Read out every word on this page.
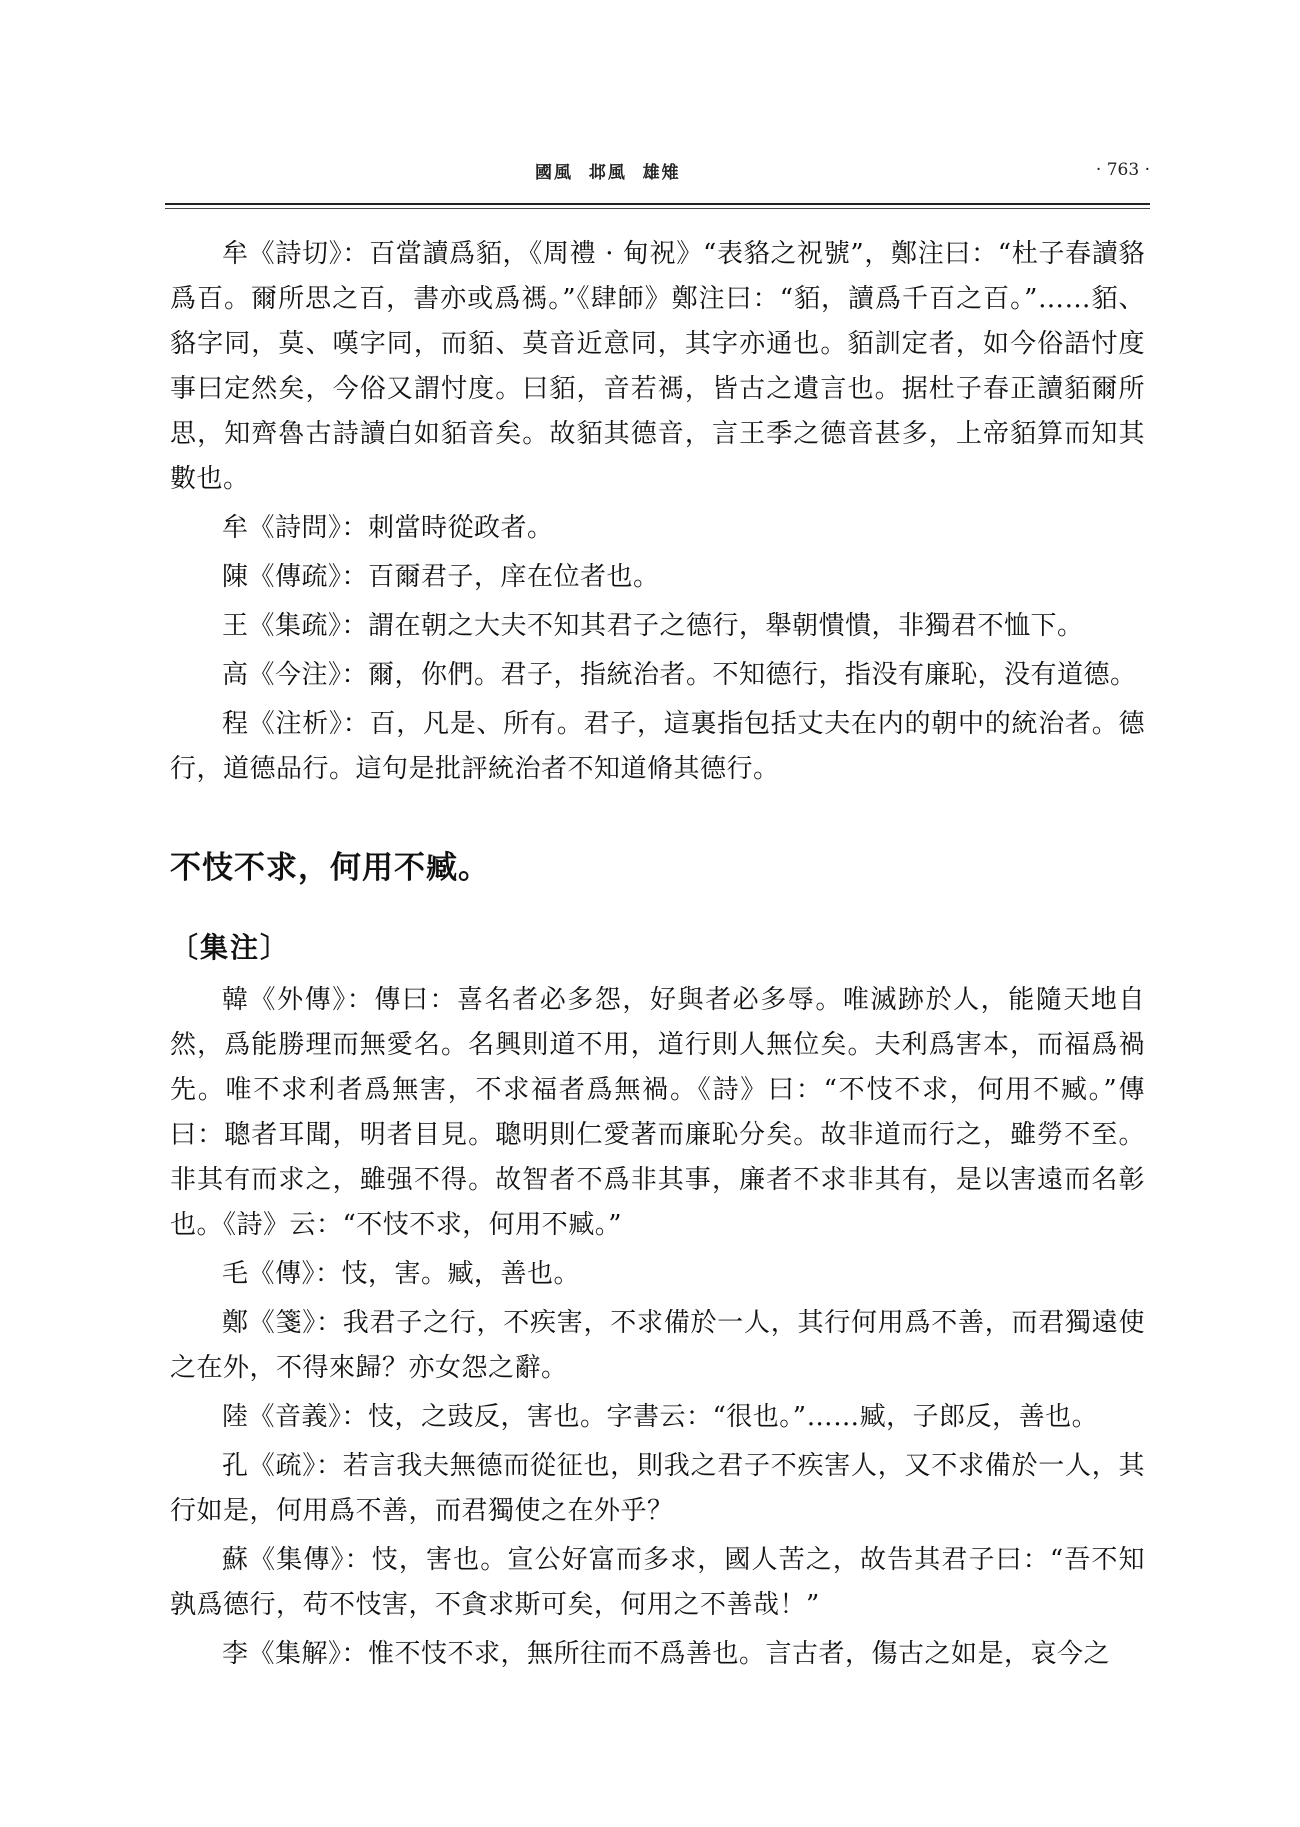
國風  邶風  雄雉	· 763 ·

牟《詩切》：百當讀爲貊，《周禮 · 甸祝》“表貉之祝號”，鄭注曰：“杜子春讀貉爲百。爾所思之百，書亦或爲禡。”《肆師》鄭注曰：“貊，讀爲千百之百。”……貊、貉字同，莫、嘆字同，而貊、莫音近意同，其字亦通也。貊訓定者，如今俗語忖度事曰定然矣，今俗又謂忖度。曰貊，音若禡，皆古之遺言也。据杜子春正讀貊爾所思，知齊魯古詩讀白如貊音矣。故貊其德音，言王季之德音甚多，上帝貊算而知其數也。

牟《詩問》：刺當時從政者。

陳《傳疏》：百爾君子，庠在位者也。

王《集疏》：謂在朝之大夫不知其君子之德行，舉朝憒憒，非獨君不恤下。

高《今注》：爾，你們。君子，指統治者。不知德行，指没有廉恥，没有道德。

程《注析》：百，凡是、所有。君子，這裏指包括丈夫在内的朝中的統治者。德行，道德品行。這句是批評統治者不知道脩其德行。

不忮不求，何用不臧。
〔集注〕

韓《外傳》：傳曰：喜名者必多怨，好與者必多辱。唯滅跡於人，能隨天地自然，爲能勝理而無愛名。名興則道不用，道行則人無位矣。夫利爲害本，而福爲禍先。唯不求利者爲無害，不求福者爲無禍。《詩》曰：“不忮不求，何用不臧。”傳曰：聰者耳聞，明者目見。聰明則仁愛著而廉恥分矣。故非道而行之，雖勞不至。非其有而求之，雖强不得。故智者不爲非其事，廉者不求非其有，是以害遠而名彰也。《詩》云：“不忮不求，何用不臧。”

毛《傳》：忮，害。臧，善也。

鄭《箋》：我君子之行，不疾害，不求備於一人，其行何用爲不善，而君獨遠使之在外，不得來歸？亦女怨之辭。

陸《音義》：忮，之豉反，害也。字書云：“很也。”……臧，子郎反，善也。

孔《疏》：若言我夫無德而從征也，則我之君子不疾害人，又不求備於一人，其行如是，何用爲不善，而君獨使之在外乎？

蘇《集傳》：忮，害也。宣公好富而多求，國人苦之，故告其君子曰：“吾不知孰爲德行，苟不忮害，不貪求斯可矣，何用之不善哉！”

李《集解》：惟不忮不求，無所往而不爲善也。言古者，傷古之如是，哀今之
